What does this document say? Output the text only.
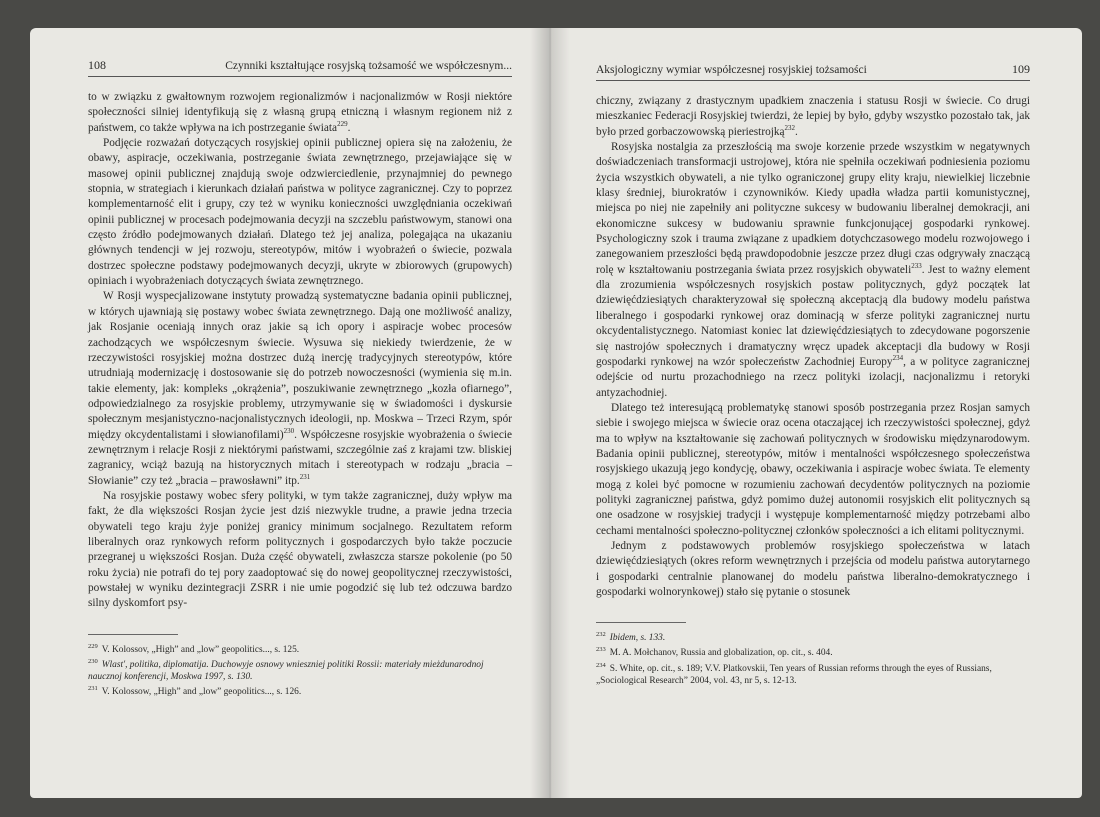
108	Czynniki kształtujące rosyjską tożsamość we współczesnym...

to w związku z gwałtownym rozwojem regionalizmów i nacjonalizmów w Rosji niektóre społeczności silniej identyfikują się z własną grupą etniczną i własnym regionem niż z państwem, co także wpływa na ich postrzeganie świata$^{229}$.

Podjęcie rozważań dotyczących rosyjskiej opinii publicznej opiera się na założeniu, że obawy, aspiracje, oczekiwania, postrzeganie świata zewnętrznego, przejawiające się w masowej opinii publicznej znajdują swoje odzwierciedlenie, przynajmniej do pewnego stopnia, w strategiach i kierunkach działań państwa w polityce zagranicznej. Czy to poprzez komplementarność elit i grupy, czy też w wyniku konieczności uwzględniania oczekiwań opinii publicznej w procesach podejmowania decyzji na szczeblu państwowym, stanowi ona często źródło podejmowanych działań. Dlatego też jej analiza, polegająca na ukazaniu głównych tendencji w jej rozwoju, stereotypów, mitów i wyobrażeń o świecie, pozwala dostrzec społeczne podstawy podejmowanych decyzji, ukryte w zbiorowych (grupowych) opiniach i wyobrażeniach dotyczących świata zewnętrznego.

W Rosji wyspecjalizowane instytuty prowadzą systematyczne badania opinii publicznej, w których ujawniają się postawy wobec świata zewnętrznego. Dają one możliwość analizy, jak Rosjanie oceniają innych oraz jakie są ich opory i aspiracje wobec procesów zachodzących we współczesnym świecie. Wysuwa się niekiedy twierdzenie, że w rzeczywistości rosyjskiej można dostrzec dużą inercję tradycyjnych stereotypów, które utrudniają modernizację i dostosowanie się do potrzeb nowoczesności (wymienia się m.in. takie elementy, jak: kompleks „okrążenia”, poszukiwanie zewnętrznego „kozła ofiarnego”, odpowiedzialnego za rosyjskie problemy, utrzymywanie się w świadomości i dyskursie społecznym mesjanistyczno-nacjonalistycznych ideologii, np. Moskwa – Trzeci Rzym, spór między okcydentalistami i słowianofilami)$^{230}$. Współczesne rosyjskie wyobrażenia o świecie zewnętrznym i relacje Rosji z niektórymi państwami, szczególnie zaś z krajami tzw. bliskiej zagranicy, wciąż bazują na historycznych mitach i stereotypach w rodzaju „bracia – Słowianie” czy też „bracia – prawosławni” itp.$^{231}$

Na rosyjskie postawy wobec sfery polityki, w tym także zagranicznej, duży wpływ ma fakt, że dla większości Rosjan życie jest dziś niezwykle trudne, a prawie jedna trzecia obywateli tego kraju żyje poniżej granicy minimum socjalnego. Rezultatem reform liberalnych oraz rynkowych reform politycznych i gospodarczych było także poczucie przegranej u większości Rosjan. Duża część obywateli, zwłaszcza starsze pokolenie (po 50 roku życia) nie potrafi do tej pory zaadoptować się do nowej geopolitycznej rzeczywistości, powstałej w wyniku dezintegracji ZSRR i nie umie pogodzić się lub też odczuwa bardzo silny dyskomfort psy-

$^{229}$ V. Kolossov, „High” and „low” geopolitics..., s. 125.

$^{230}$ Wlast', politika, diplomatija. Duchowyje osnowy wnieszniej politiki Rossii: materiały mieżdunarodnoj naucznoj konferencji, Moskwa 1997, s. 130.

$^{231}$ V. Kolossow, „High” and „low” geopolitics..., s. 126.

Aksjologiczny wymiar współczesnej rosyjskiej tożsamości	109

chiczny, związany z drastycznym upadkiem znaczenia i statusu Rosji w świecie. Co drugi mieszkaniec Federacji Rosyjskiej twierdzi, że lepiej by było, gdyby wszystko pozostało tak, jak było przed gorbaczowowską pieriestrojką$^{232}$.

Rosyjska nostalgia za przeszłością ma swoje korzenie przede wszystkim w negatywnych doświadczeniach transformacji ustrojowej, która nie spełniła oczekiwań podniesienia poziomu życia wszystkich obywateli, a nie tylko ograniczonej grupy elity kraju, niewielkiej liczebnie klasy średniej, biurokratów i czynowników. Kiedy upadła władza partii komunistycznej, miejsca po niej nie zapełniły ani polityczne sukcesy w budowaniu liberalnej demokracji, ani ekonomiczne sukcesy w budowaniu sprawnie funkcjonującej gospodarki rynkowej. Psychologiczny szok i trauma związane z upadkiem dotychczasowego modelu rozwojowego i zanegowaniem przeszłości będą prawdopodobnie jeszcze przez długi czas odgrywały znaczącą rolę w kształtowaniu postrzegania świata przez rosyjskich obywateli$^{233}$. Jest to ważny element dla zrozumienia współczesnych rosyjskich postaw politycznych, gdyż początek lat dziewięćdziesiątych charakteryzował się społeczną akceptacją dla budowy modelu państwa liberalnego i gospodarki rynkowej oraz dominacją w sferze polityki zagranicznej nurtu okcydentalistycznego. Natomiast koniec lat dziewięćdziesiątych to zdecydowane pogorszenie się nastrojów społecznych i dramatyczny wręcz upadek akceptacji dla budowy w Rosji gospodarki rynkowej na wzór społeczeństw Zachodniej Europy$^{234}$, a w polityce zagranicznej odejście od nurtu prozachodniego na rzecz polityki izolacji, nacjonalizmu i retoryki antyzachodniej.

Dlatego też interesującą problematykę stanowi sposób postrzegania przez Rosjan samych siebie i swojego miejsca w świecie oraz ocena otaczającej ich rzeczywistości społecznej, gdyż ma to wpływ na kształtowanie się zachowań politycznych w środowisku międzynarodowym. Badania opinii publicznej, stereotypów, mitów i mentalności współczesnego społeczeństwa rosyjskiego ukazują jego kondycję, obawy, oczekiwania i aspiracje wobec świata. Te elementy mogą z kolei być pomocne w rozumieniu zachowań decydentów politycznych na poziomie polityki zagranicznej państwa, gdyż pomimo dużej autonomii rosyjskich elit politycznych są one osadzone w rosyjskiej tradycji i występuje komplementarność między potrzebami albo cechami mentalności społeczno-politycznej członków społeczności a ich elitami politycznymi.

Jednym z podstawowych problemów rosyjskiego społeczeństwa w latach dziewięćdziesiątych (okres reform wewnętrznych i przejścia od modelu państwa autorytarnego i gospodarki centralnie planowanej do modelu państwa liberalno-demokratycznego i gospodarki wolnorynkowej) stało się pytanie o stosunek

$^{232}$ Ibidem, s. 133.

$^{233}$ M. A. Mołchanov, Russia and globalization, op. cit., s. 404.

$^{234}$ S. White, op. cit., s. 189; V.V. Platkovskii, Ten years of Russian reforms through the eyes of Russians, „Sociological Research” 2004, vol. 43, nr 5, s. 12-13.
